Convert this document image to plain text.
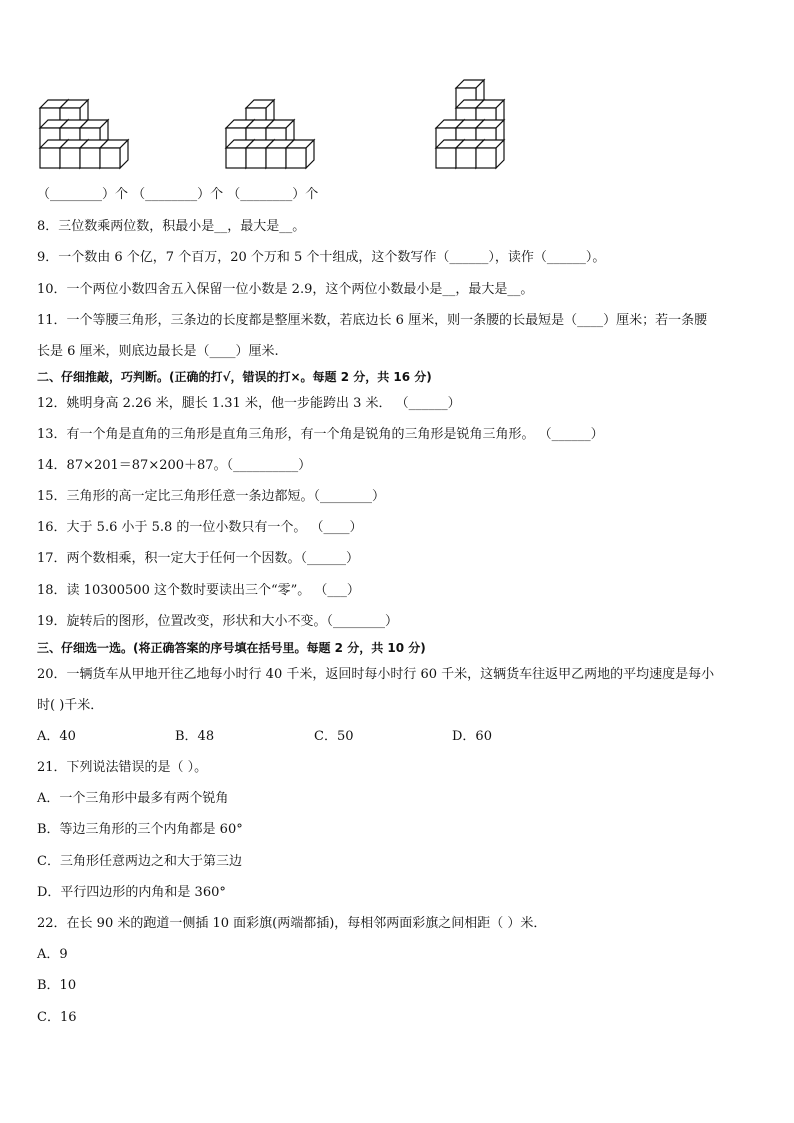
（________）个 （________）个 （________）个
8．三位数乘两位数，积最小是__，最大是__。
9．一个数由 6 个亿，7 个百万，20 个万和 5 个十组成，这个数写作（______），读作（______）。
10．一个两位小数四舍五入保留一位小数是 2.9，这个两位小数最小是__，最大是__。
11．一个等腰三角形，三条边的长度都是整厘米数，若底边长 6 厘米，则一条腰的长最短是（____）厘米；若一条腰
长是 6 厘米，则底边最长是（____）厘米.
二、仔细推敲，巧判断。(正确的打√，错误的打×。每题 2 分，共 16 分)
12．姚明身高 2.26 米，腿长 1.31 米，他一步能跨出 3 米． （______）
13．有一个角是直角的三角形是直角三角形，有一个角是锐角的三角形是锐角三角形。 （______）
14．87×201＝87×200＋87。（__________）
15．三角形的高一定比三角形任意一条边都短。（________）
16．大于 5.6 小于 5.8 的一位小数只有一个。 （____）
17．两个数相乘，积一定大于任何一个因数。（______）
18．读 10300500 这个数时要读出三个“零”。 （___）
19．旋转后的图形，位置改变，形状和大小不变。（________）
三、仔细选一选。(将正确答案的序号填在括号里。每题 2 分，共 10 分)
20．一辆货车从甲地开往乙地每小时行 40 千米，返回时每小时行 60 千米，这辆货车往返甲乙两地的平均速度是每小
时( )千米．
A．40	B．48	C．50	D．60
21．下列说法错误的是（ ）。
A．一个三角形中最多有两个锐角
B．等边三角形的三个内角都是 60°
C．三角形任意两边之和大于第三边
D．平行四边形的内角和是 360°
22．在长 90 米的跑道一侧插 10 面彩旗(两端都插)，每相邻两面彩旗之间相距（ ）米．
A．9
B．10
C．16
